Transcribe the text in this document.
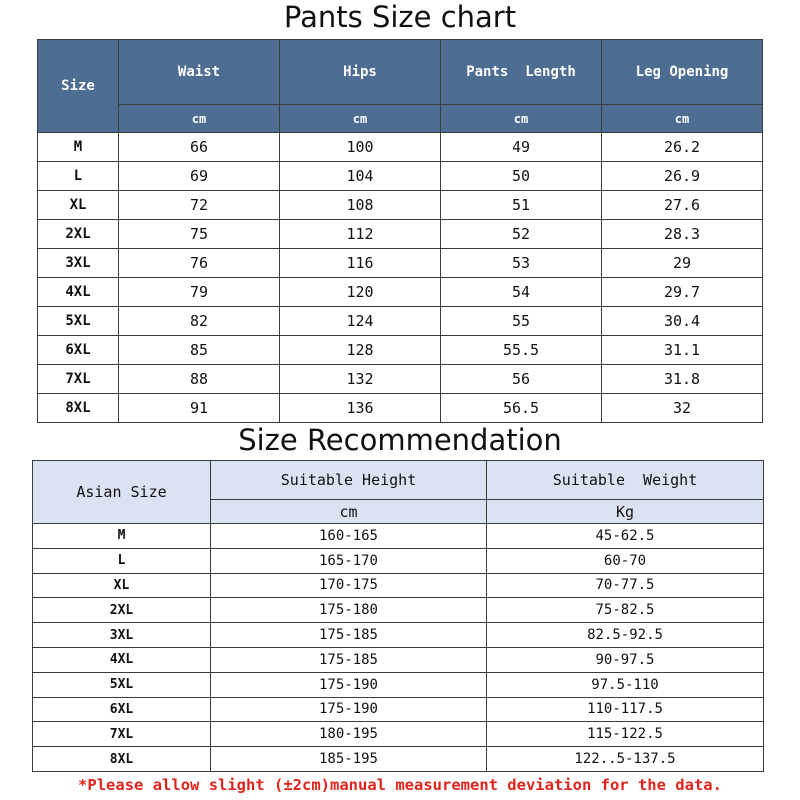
Pants Size chart
Size	Waist	Hips	Pants  Length	Leg Opening
	cm	cm	cm	cm
M	66	100	49	26.2
L	69	104	50	26.9
XL	72	108	51	27.6
2XL	75	112	52	28.3
3XL	76	116	53	29
4XL	79	120	54	29.7
5XL	82	124	55	30.4
6XL	85	128	55.5	31.1
7XL	88	132	56	31.8
8XL	91	136	56.5	32
Size Recommendation
Asian Size	Suitable Height	Suitable  Weight
	cm	Kg
M	160-165	45-62.5
L	165-170	60-70
XL	170-175	70-77.5
2XL	175-180	75-82.5
3XL	175-185	82.5-92.5
4XL	175-185	90-97.5
5XL	175-190	97.5-110
6XL	175-190	110-117.5
7XL	180-195	115-122.5
8XL	185-195	122..5-137.5
*Please allow slight (±2cm)manual measurement deviation for the data.
